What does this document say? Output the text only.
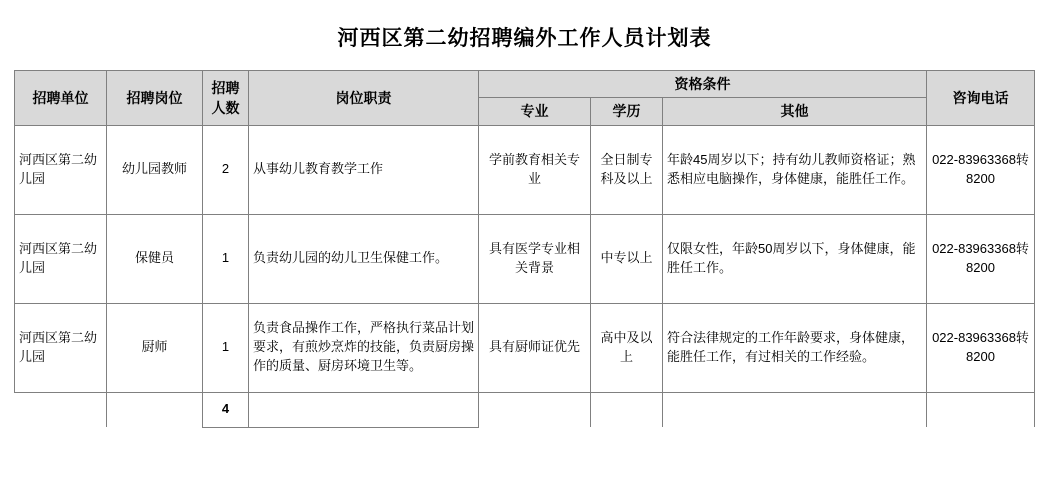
河西区第二幼招聘编外工作人员计划表
招聘单位	招聘岗位	招聘人数	岗位职责	资格条件			咨询电话
				专业	学历	其他	
河西区第二幼儿园	幼儿园教师	2	从事幼儿教育教学工作	学前教育相关专业	全日制专科及以上	年龄45周岁以下；持有幼儿教师资格证；熟悉相应电脑操作，身体健康，能胜任工作。	022-83963368转8200
河西区第二幼儿园	保健员	1	负责幼儿园的幼儿卫生保健工作。	具有医学专业相关背景	中专以上	仅限女性，年龄50周岁以下，身体健康，能胜任工作。	022-83963368转8200
河西区第二幼儿园	厨师	1	负责食品操作工作，严格执行菜品计划要求，有煎炒烹炸的技能，负责厨房操作的质量、厨房环境卫生等。	具有厨师证优先	高中及以上	符合法律规定的工作年龄要求，身体健康，能胜任工作，有过相关的工作经验。	022-83963368转8200
		4					
